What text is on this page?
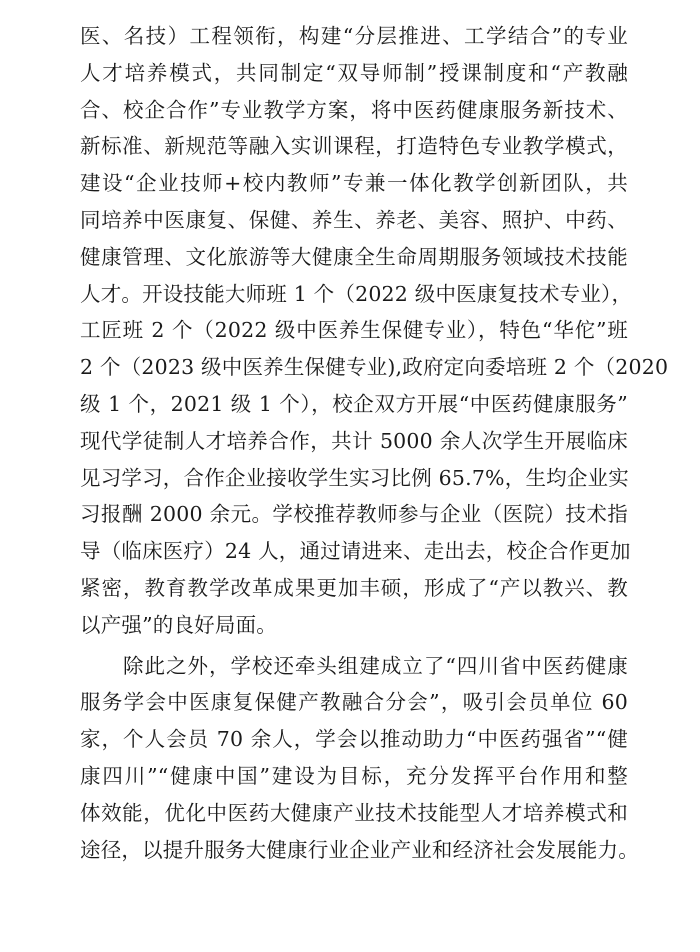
医、名技）工程领衔，构建“分层推进、工学结合”的专业
人才培养模式，共同制定“双导师制”授课制度和“产教融
合、校企合作”专业教学方案，将中医药健康服务新技术、
新标准、新规范等融入实训课程，打造特色专业教学模式，
建设“企业技师+校内教师”专兼一体化教学创新团队，共
同培养中医康复、保健、养生、养老、美容、照护、中药、
健康管理、文化旅游等大健康全生命周期服务领域技术技能
人才。开设技能大师班 1 个（2022 级中医康复技术专业），
工匠班 2 个（2022 级中医养生保健专业），特色“华佗”班
2 个（2023 级中医养生保健专业),政府定向委培班 2 个（2020
级 1 个，2021 级 1 个），校企双方开展“中医药健康服务”
现代学徒制人才培养合作，共计 5000 余人次学生开展临床
见习学习，合作企业接收学生实习比例 65.7%，生均企业实
习报酬 2000 余元。学校推荐教师参与企业（医院）技术指
导（临床医疗）24 人，通过请进来、走出去，校企合作更加
紧密，教育教学改革成果更加丰硕，形成了“产以教兴、教
以产强”的良好局面。
除此之外，学校还牵头组建成立了“四川省中医药健康
服务学会中医康复保健产教融合分会”，吸引会员单位 60
家，个人会员 70 余人，学会以推动助力“中医药强省”“健
康四川”“健康中国”建设为目标，充分发挥平台作用和整
体效能，优化中医药大健康产业技术技能型人才培养模式和
途径，以提升服务大健康行业企业产业和经济社会发展能力。
